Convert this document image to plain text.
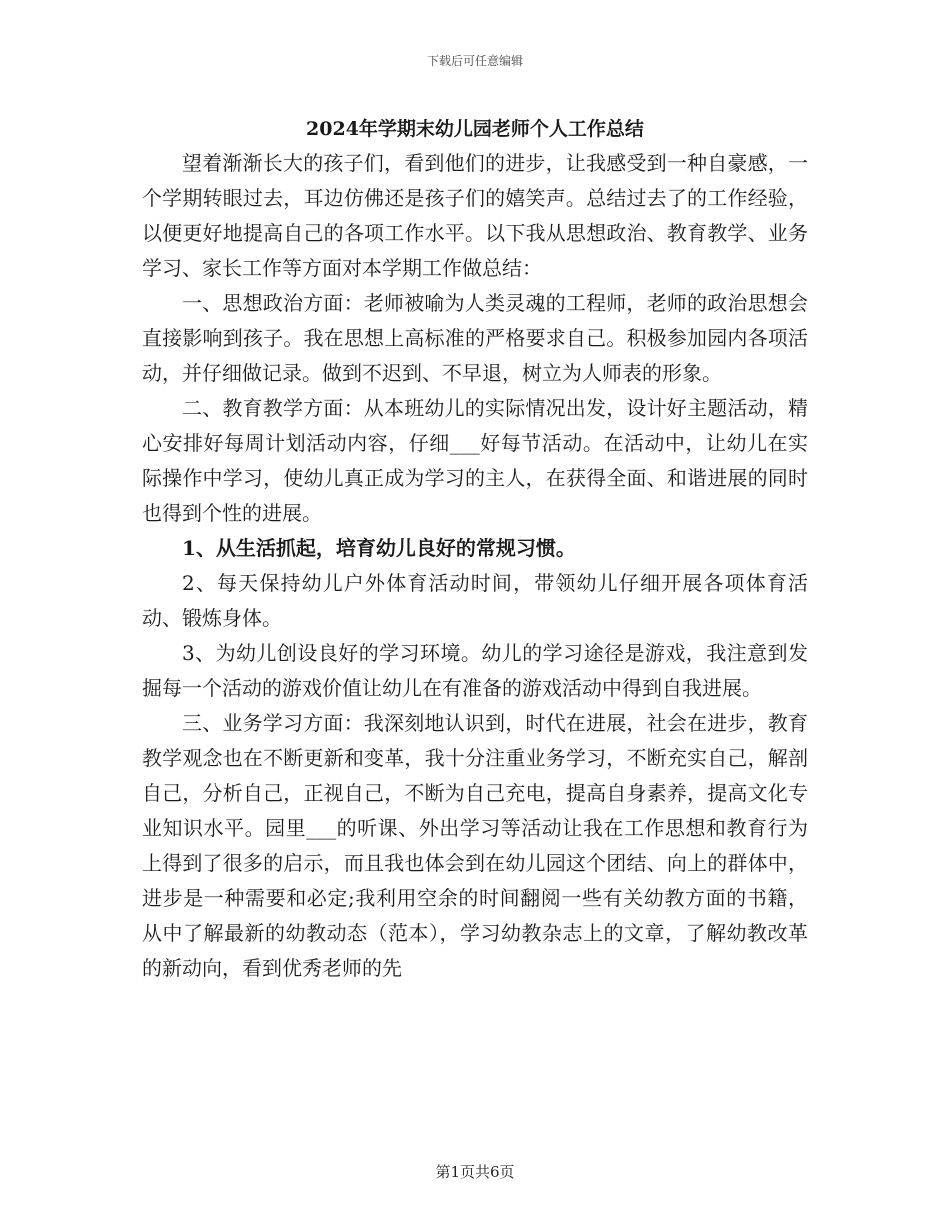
下载后可任意编辑
2024年学期末幼儿园老师个人工作总结

望着渐渐长大的孩子们，看到他们的进步，让我感受到一种自豪感，一个学期转眼过去，耳边仿佛还是孩子们的嬉笑声。总结过去了的工作经验，以便更好地提高自己的各项工作水平。以下我从思想政治、教育教学、业务学习、家长工作等方面对本学期工作做总结：

一、思想政治方面：老师被喻为人类灵魂的工程师，老师的政治思想会直接影响到孩子。我在思想上高标准的严格要求自己。积极参加园内各项活动，并仔细做记录。做到不迟到、不早退，树立为人师表的形象。

二、教育教学方面：从本班幼儿的实际情况出发，设计好主题活动，精心安排好每周计划活动内容，仔细___好每节活动。在活动中，让幼儿在实际操作中学习，使幼儿真正成为学习的主人，在获得全面、和谐进展的同时也得到个性的进展。

1、从生活抓起，培育幼儿良好的常规习惯。

2、每天保持幼儿户外体育活动时间，带领幼儿仔细开展各项体育活动、锻炼身体。

3、为幼儿创设良好的学习环境。幼儿的学习途径是游戏，我注意到发掘每一个活动的游戏价值让幼儿在有准备的游戏活动中得到自我进展。

三、业务学习方面：我深刻地认识到，时代在进展，社会在进步，教育教学观念也在不断更新和变革，我十分注重业务学习，不断充实自己，解剖自己，分析自己，正视自己，不断为自己充电，提高自身素养，提高文化专业知识水平。园里___的听课、外出学习等活动让我在工作思想和教育行为上得到了很多的启示，而且我也体会到在幼儿园这个团结、向上的群体中，进步是一种需要和必定;我利用空余的时间翻阅一些有关幼教方面的书籍，从中了解最新的幼教动态（范本），学习幼教杂志上的文章，了解幼教改革的新动向，看到优秀老师的先

第1页共6页
